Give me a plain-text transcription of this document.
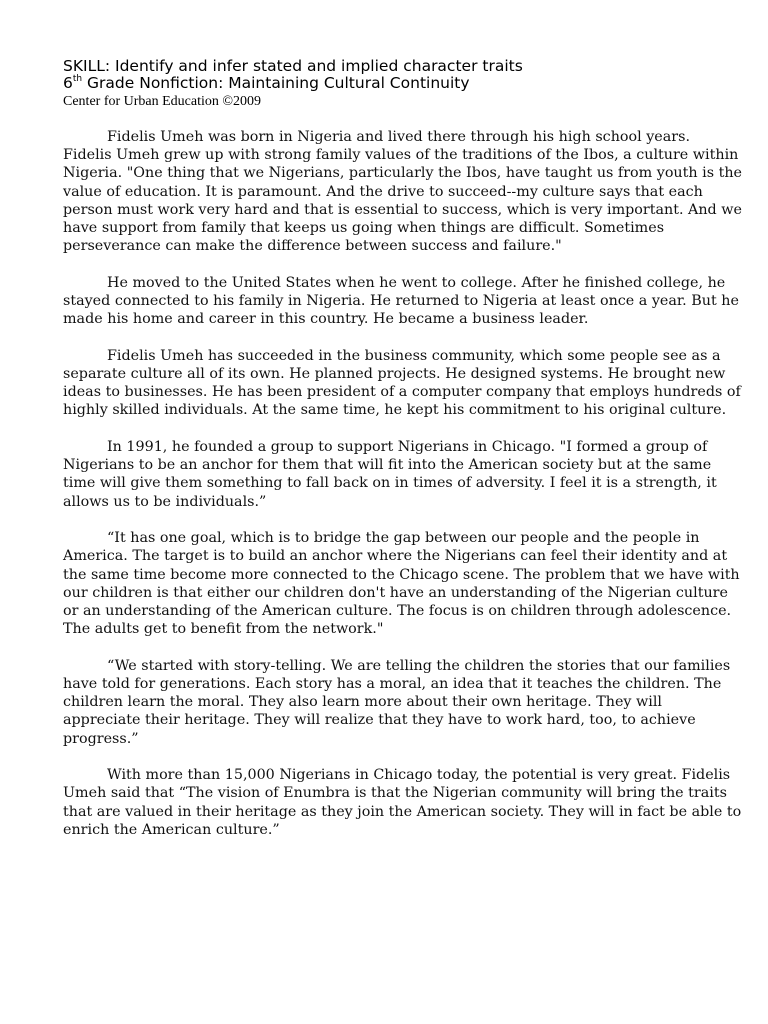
SKILL: Identify and infer stated and implied character traits
6th Grade Nonfiction: Maintaining Cultural Continuity
Center for Urban Education ©2009

Fidelis Umeh was born in Nigeria and lived there through his high school years. Fidelis Umeh grew up with strong family values of the traditions of the Ibos, a culture within Nigeria. "One thing that we Nigerians, particularly the Ibos, have taught us from youth is the value of education. It is paramount. And the drive to succeed--my culture says that each person must work very hard and that is essential to success, which is very important. And we have support from family that keeps us going when things are difficult. Sometimes perseverance can make the difference between success and failure."

He moved to the United States when he went to college. After he finished college, he stayed connected to his family in Nigeria. He returned to Nigeria at least once a year. But he made his home and career in this country. He became a business leader.

Fidelis Umeh has succeeded in the business community, which some people see as a separate culture all of its own. He planned projects. He designed systems. He brought new ideas to businesses. He has been president of a computer company that employs hundreds of highly skilled individuals. At the same time, he kept his commitment to his original culture.

In 1991, he founded a group to support Nigerians in Chicago. "I formed a group of Nigerians to be an anchor for them that will fit into the American society but at the same time will give them something to fall back on in times of adversity. I feel it is a strength, it allows us to be individuals.”

“It has one goal, which is to bridge the gap between our people and the people in America. The target is to build an anchor where the Nigerians can feel their identity and at the same time become more connected to the Chicago scene. The problem that we have with our children is that either our children don't have an understanding of the Nigerian culture or an understanding of the American culture. The focus is on children through adolescence. The adults get to benefit from the network."

“We started with story-telling. We are telling the children the stories that our families have told for generations. Each story has a moral, an idea that it teaches the children. The children learn the moral. They also learn more about their own heritage. They will appreciate their heritage. They will realize that they have to work hard, too, to achieve progress.”

With more than 15,000 Nigerians in Chicago today, the potential is very great. Fidelis Umeh said that “The vision of Enumbra is that the Nigerian community will bring the traits that are valued in their heritage as they join the American society. They will in fact be able to enrich the American culture.”
